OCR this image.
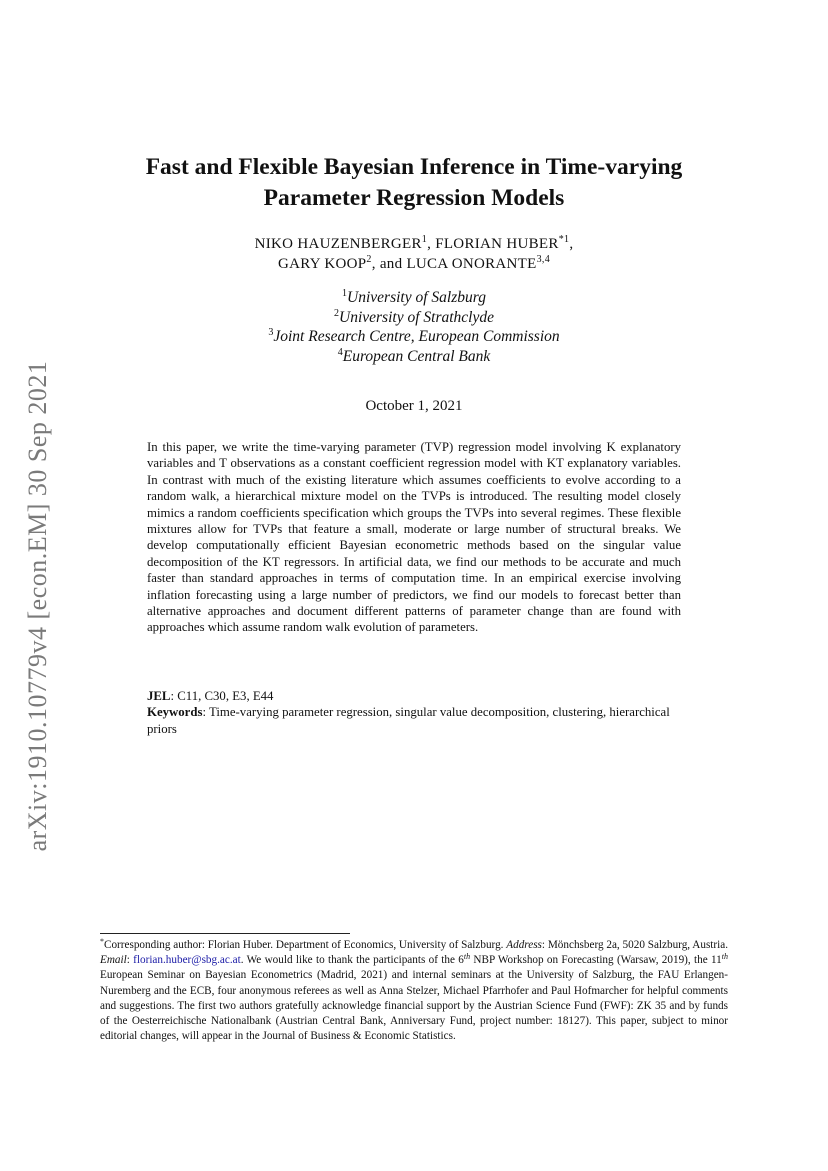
arXiv:1910.10779v4 [econ.EM] 30 Sep 2021
Fast and Flexible Bayesian Inference in Time-varying
Parameter Regression Models
NIKO HAUZENBERGER$^1$, FLORIAN HUBER$^{*1}$,
GARY KOOP$^2$, and LUCA ONORANTE$^{3,4}$
$^1$University of Salzburg
$^2$University of Strathclyde
$^3$Joint Research Centre, European Commission
$^4$European Central Bank
October 1, 2021
In this paper, we write the time-varying parameter (TVP) regression model involving K explanatory variables and T observations as a constant coefficient regression model with KT explanatory variables. In contrast with much of the existing literature which assumes coefficients to evolve according to a random walk, a hierarchical mixture model on the TVPs is introduced. The resulting model closely mimics a random coefficients specification which groups the TVPs into several regimes. These flexible mixtures allow for TVPs that feature a small, moderate or large number of structural breaks. We develop computationally efficient Bayesian econometric methods based on the singular value decomposition of the KT regressors. In artificial data, we find our methods to be accurate and much faster than standard approaches in terms of computation time. In an empirical exercise involving inflation forecasting using a large number of predictors, we find our models to forecast better than alternative approaches and document different patterns of parameter change than are found with approaches which assume random walk evolution of parameters.
JEL: C11, C30, E3, E44
Keywords: Time-varying parameter regression, singular value decomposition, clustering, hierarchical priors
*Corresponding author: Florian Huber. Department of Economics, University of Salzburg. Address: Mönchsberg 2a, 5020 Salzburg, Austria. Email: florian.huber@sbg.ac.at. We would like to thank the participants of the 6th NBP Workshop on Forecasting (Warsaw, 2019), the 11th European Seminar on Bayesian Econometrics (Madrid, 2021) and internal seminars at the University of Salzburg, the FAU Erlangen-Nuremberg and the ECB, four anonymous referees as well as Anna Stelzer, Michael Pfarrhofer and Paul Hofmarcher for helpful comments and suggestions. The first two authors gratefully acknowledge financial support by the Austrian Science Fund (FWF): ZK 35 and by funds of the Oesterreichische Nationalbank (Austrian Central Bank, Anniversary Fund, project number: 18127). This paper, subject to minor editorial changes, will appear in the Journal of Business & Economic Statistics.
